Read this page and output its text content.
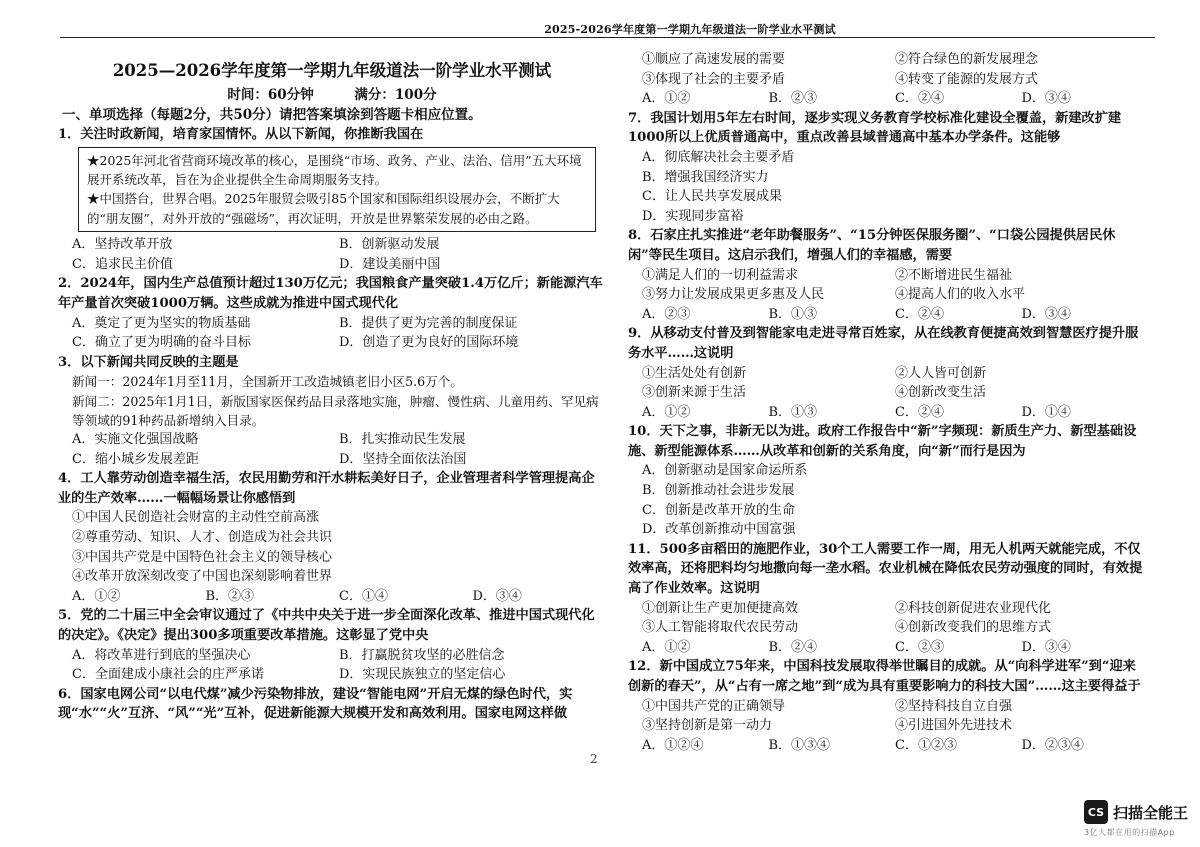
2025-2026学年度第一学期九年级道法一阶学业水平测试
2025—2026学年度第一学期九年级道法一阶学业水平测试
时间：60分钟	满分：100分
一、单项选择（每题2分，共50分）请把答案填涂到答题卡相应位置。
1．关注时政新闻，培育家国情怀。从以下新闻，你推断我国在

★2025年河北省营商环境改革的核心，是围绕“市场、政务、产业、法治、信用”五大环境展开系统改革，旨在为企业提供全生命周期服务支持。

★中国搭台，世界合唱。2025年服贸会吸引85个国家和国际组织设展办会，不断扩大的“朋友圈”，对外开放的“强磁场”，再次证明，开放是世界繁荣发展的必由之路。

A．坚持改革开放	B．创新驱动发展
C．追求民主价值	D．建设美丽中国
2．2024年，国内生产总值预计超过130万亿元；我国粮食产量突破1.4万亿斤；新能源汽车年产量首次突破1000万辆。这些成就为推进中国式现代化
A．奠定了更为坚实的物质基础	B．提供了更为完善的制度保证
C．确立了更为明确的奋斗目标	D．创造了更为良好的国际环境
3．以下新闻共同反映的主题是
新闻一：2024年1月至11月，全国新开工改造城镇老旧小区5.6万个。
新闻二：2025年1月1日，新版国家医保药品目录落地实施，肿瘤、慢性病、儿童用药、罕见病等领域的91种药品新增纳入目录。
A．实施文化强国战略	B．扎实推动民生发展
C．缩小城乡发展差距	D．坚持全面依法治国
4．工人靠劳动创造幸福生活，农民用勤劳和汗水耕耘美好日子，企业管理者科学管理提高企业的生产效率……一幅幅场景让你感悟到
①中国人民创造社会财富的主动性空前高涨
②尊重劳动、知识、人才、创造成为社会共识
③中国共产党是中国特色社会主义的领导核心
④改革开放深刻改变了中国也深刻影响着世界
A．①②	B．②③	C．①④	D．③④
5．党的二十届三中全会审议通过了《中共中央关于进一步全面深化改革、推进中国式现代化的决定》。《决定》提出300多项重要改革措施。这彰显了党中央
A．将改革进行到底的坚强决心	B．打赢脱贫攻坚的必胜信念
C．全面建成小康社会的庄严承诺	D．实现民族独立的坚定信心
6．国家电网公司“以电代煤”减少污染物排放，建设“智能电网”开启无煤的绿色时代，实现“水”“火”互济、“风”“光”互补，促进新能源大规模开发和高效利用。国家电网这样做
①顺应了高速发展的需要	②符合绿色的新发展理念
③体现了社会的主要矛盾	④转变了能源的发展方式
A．①②	B．②③	C．②④	D．③④
7．我国计划用5年左右时间，逐步实现义务教育学校标准化建设全覆盖，新建改扩建1000所以上优质普通高中，重点改善县域普通高中基本办学条件。这能够
A．彻底解决社会主要矛盾
B．增强我国经济实力
C．让人民共享发展成果
D．实现同步富裕
8．石家庄扎实推进“老年助餐服务”、“15分钟医保服务圈”、“口袋公园提供居民休闲”等民生项目。这启示我们，增强人们的幸福感，需要
①满足人们的一切利益需求	②不断增进民生福祉
③努力让发展成果更多惠及人民	④提高人们的收入水平
A．②③	B．①③	C．②④	D．③④
9．从移动支付普及到智能家电走进寻常百姓家，从在线教育便捷高效到智慧医疗提升服务水平……这说明
①生活处处有创新	②人人皆可创新
③创新来源于生活	④创新改变生活
A．①②	B．①③	C．②④	D．①④
10．天下之事，非新无以为进。政府工作报告中“新”字频现：新质生产力、新型基础设施、新型能源体系……从改革和创新的关系角度，向“新”而行是因为
A．创新驱动是国家命运所系
B．创新推动社会进步发展
C．创新是改革开放的生命
D．改革创新推动中国富强
11．500多亩稻田的施肥作业，30个工人需要工作一周，用无人机两天就能完成，不仅效率高，还将肥料均匀地撒向每一垄水稻。农业机械在降低农民劳动强度的同时，有效提高了作业效率。这说明
①创新让生产更加便捷高效	②科技创新促进农业现代化
③人工智能将取代农民劳动	④创新改变我们的思维方式
A．①②	B．②④	C．②③	D．③④
12．新中国成立75年来，中国科技发展取得举世瞩目的成就。从“向科学进军”到“迎来创新的春天”，从“占有一席之地”到“成为具有重要影响力的科技大国”……这主要得益于
①中国共产党的正确领导	②坚持科技自立自强
③坚持创新是第一动力	④引进国外先进技术
A．①②④	B．①③④	C．①②③	D．②③④
2
CS 扫描全能王
3亿人都在用的扫描App
